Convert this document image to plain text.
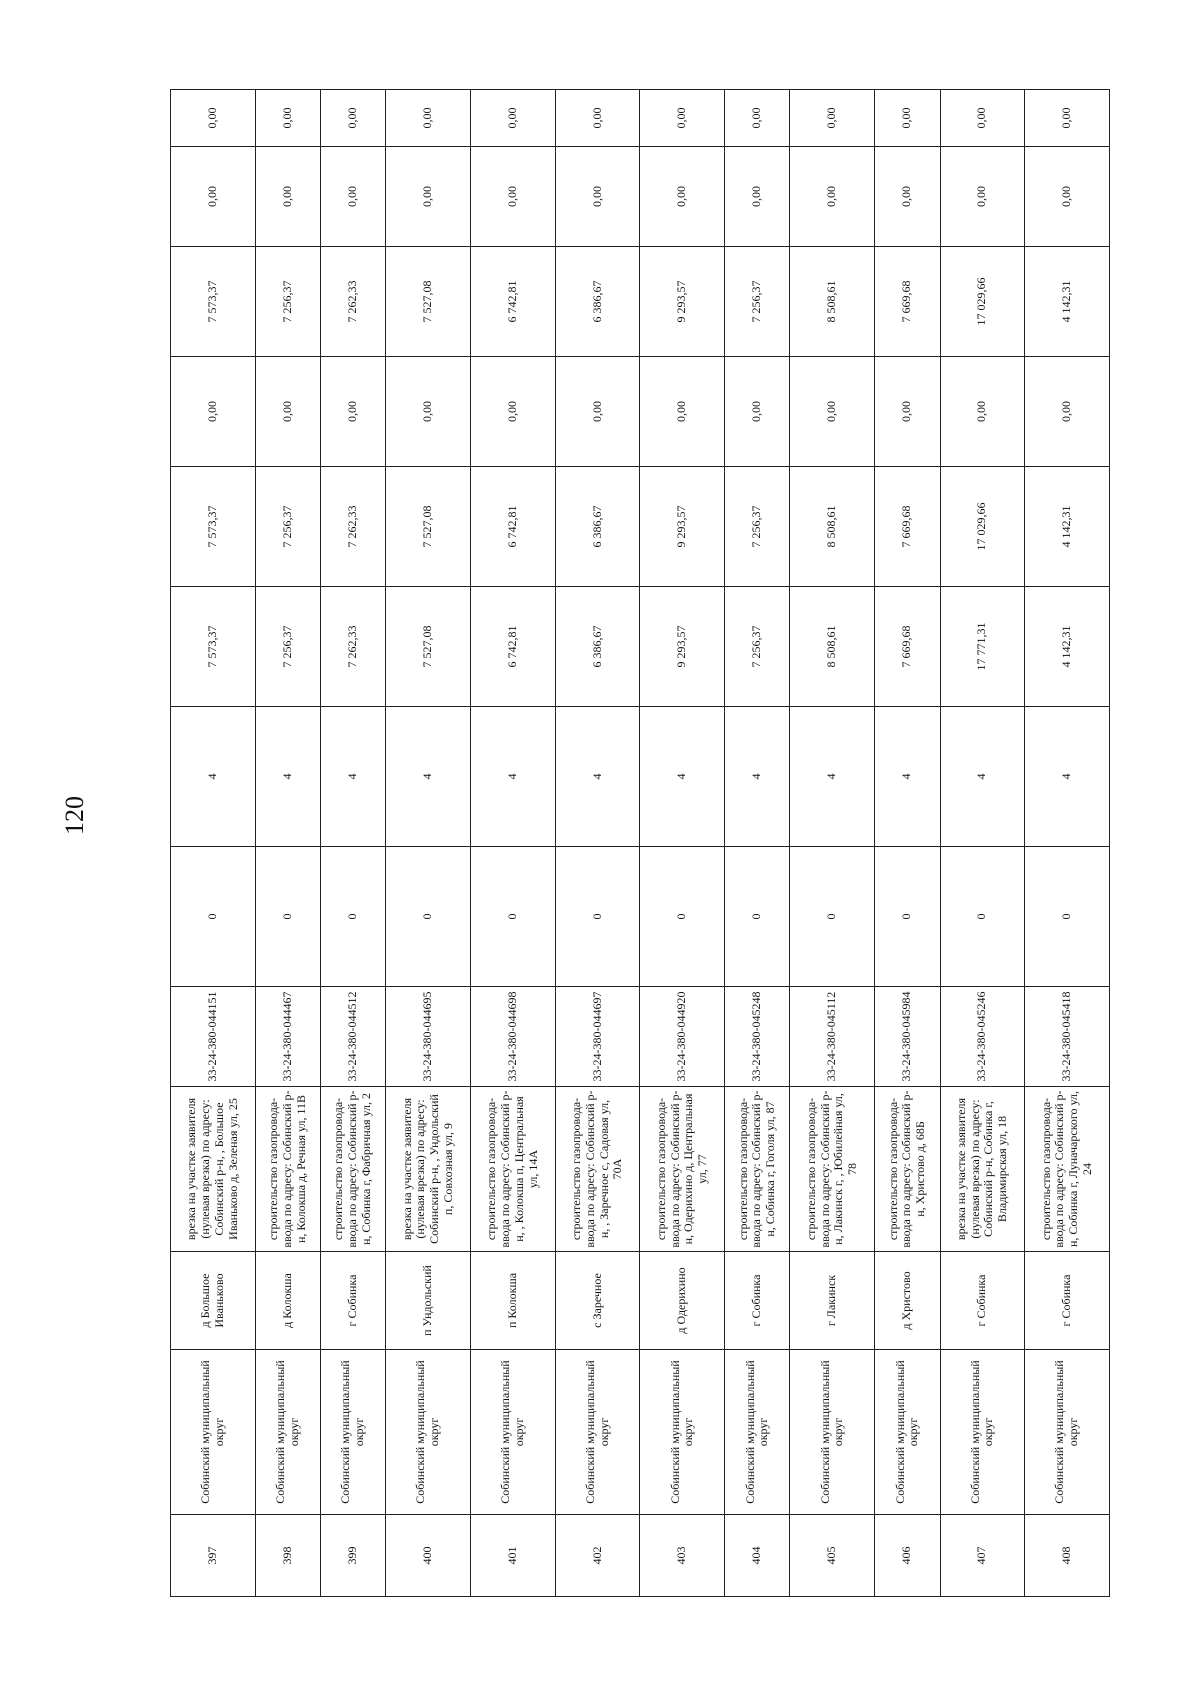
120
397	Собинский муниципальный округ	д Большое Иваньково	врезка на участке заявителя (нулевая врезка) по адресу: Собинский р-н, , Большое Иваньково д, Зеленая ул, 25	33-24-380-044151	0	4	7 573,37	7 573,37	0,00	7 573,37	0,00	0,00
398	Собинский муниципальный округ	д Колокша	строительство газопровода-ввода по адресу: Собинский р-н, Колокша д, Речная ул, 11В	33-24-380-044467	0	4	7 256,37	7 256,37	0,00	7 256,37	0,00	0,00
399	Собинский муниципальный округ	г Собинка	строительство газопровода-ввода по адресу: Собинский р-н, Собинка г, Фабричная ул, 2	33-24-380-044512	0	4	7 262,33	7 262,33	0,00	7 262,33	0,00	0,00
400	Собинский муниципальный округ	п Ундольский	врезка на участке заявителя (нулевая врезка) по адресу: Собинский р-н, , Ундольский п, Совхозная ул, 9	33-24-380-044695	0	4	7 527,08	7 527,08	0,00	7 527,08	0,00	0,00
401	Собинский муниципальный округ	п Колокша	строительство газопровода-ввода по адресу: Собинский р-н, , Колокша п, Центральная ул, 14А	33-24-380-044698	0	4	6 742,81	6 742,81	0,00	6 742,81	0,00	0,00
402	Собинский муниципальный округ	с Заречное	строительство газопровода-ввода по адресу: Собинский р-н, , Заречное с, Садовая ул, 70А	33-24-380-044697	0	4	6 386,67	6 386,67	0,00	6 386,67	0,00	0,00
403	Собинский муниципальный округ	д Одерихино	строительство газопровода-ввода по адресу: Собинский р-н, Одерихино д, Центральная ул, 77	33-24-380-044920	0	4	9 293,57	9 293,57	0,00	9 293,57	0,00	0,00
404	Собинский муниципальный округ	г Собинка	строительство газопровода-ввода по адресу: Собинский р-н, Собинка г, Гоголя ул, 87	33-24-380-045248	0	4	7 256,37	7 256,37	0,00	7 256,37	0,00	0,00
405	Собинский муниципальный округ	г Лакинск	строительство газопровода-ввода по адресу: Собинский р-н, Лакинск г, , Юбилейная ул, 78	33-24-380-045112	0	4	8 508,61	8 508,61	0,00	8 508,61	0,00	0,00
406	Собинский муниципальный округ	д Христово	строительство газопровода-ввода по адресу: Собинский р-н, Христово д, 68Б	33-24-380-045984	0	4	7 669,68	7 669,68	0,00	7 669,68	0,00	0,00
407	Собинский муниципальный округ	г Собинка	врезка на участке заявителя (нулевая врезка) по адресу: Собинский р-н, Собинка г, Владимирская ул, 18	33-24-380-045246	0	4	17 771,31	17 029,66	0,00	17 029,66	0,00	0,00
408	Собинский муниципальный округ	г Собинка	строительство газопровода-ввода по адресу: Собинский р-н, Собинка г, Луначарского ул, 24	33-24-380-045418	0	4	4 142,31	4 142,31	0,00	4 142,31	0,00	0,00
